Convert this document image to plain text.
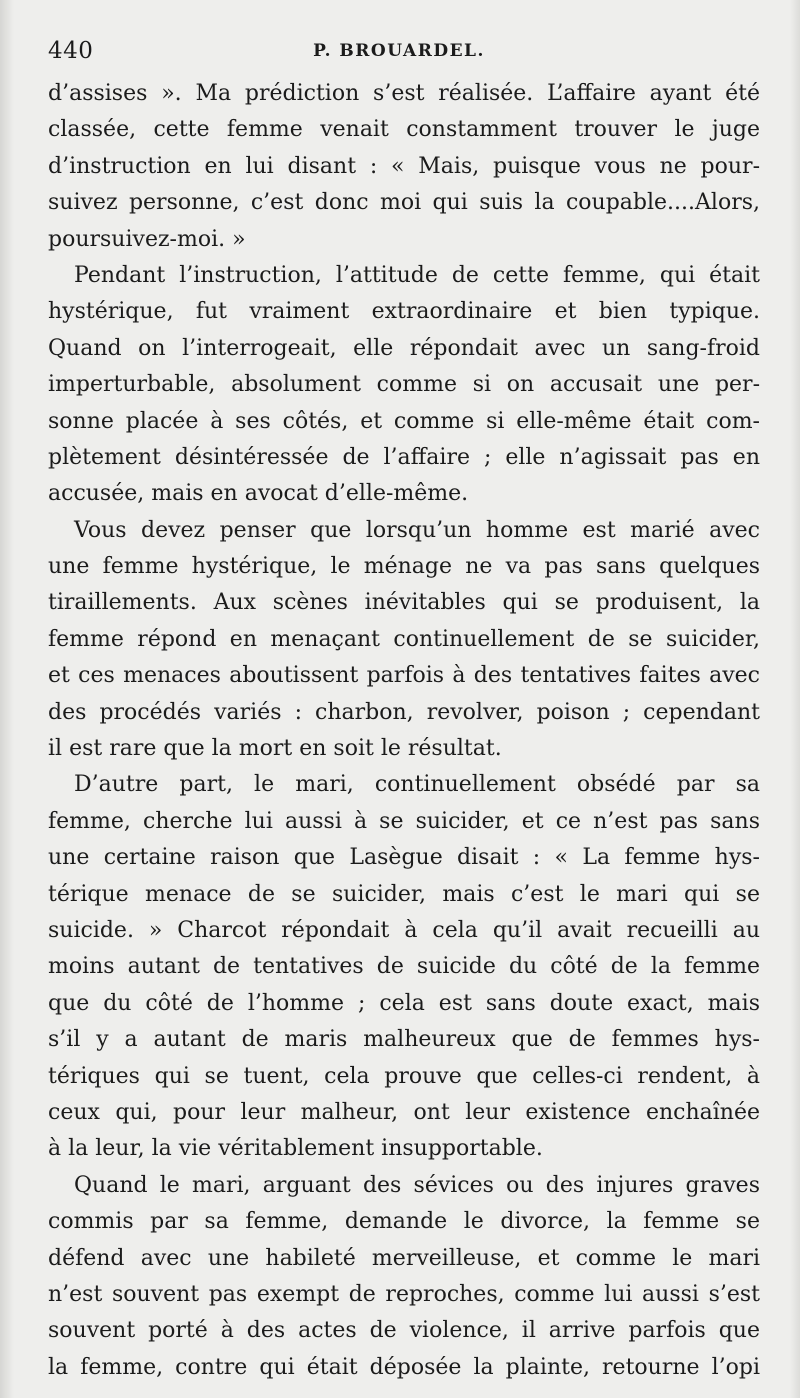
440	P. BROUARDEL.
d’assises ». Ma prédiction s’est réalisée. L’affaire ayant été
classée, cette femme venait constamment trouver le juge
d’instruction en lui disant : « Mais, puisque vous ne pour-
suivez personne, c’est donc moi qui suis la coupable....Alors,
poursuivez-moi. »
Pendant l’instruction, l’attitude de cette femme, qui était
hystérique, fut vraiment extraordinaire et bien typique.
Quand on l’interrogeait, elle répondait avec un sang-froid
imperturbable, absolument comme si on accusait une per-
sonne placée à ses côtés, et comme si elle-même était com-
plètement désintéressée de l’affaire ; elle n’agissait pas en
accusée, mais en avocat d’elle-même.
Vous devez penser que lorsqu’un homme est marié avec
une femme hystérique, le ménage ne va pas sans quelques
tiraillements. Aux scènes inévitables qui se produisent, la
femme répond en menaçant continuellement de se suicider,
et ces menaces aboutissent parfois à des tentatives faites avec
des procédés variés : charbon, revolver, poison ; cependant
il est rare que la mort en soit le résultat.
D’autre part, le mari, continuellement obsédé par sa
femme, cherche lui aussi à se suicider, et ce n’est pas sans
une certaine raison que Lasègue disait : « La femme hys-
térique menace de se suicider, mais c’est le mari qui se
suicide. » Charcot répondait à cela qu’il avait recueilli au
moins autant de tentatives de suicide du côté de la femme
que du côté de l’homme ; cela est sans doute exact, mais
s’il y a autant de maris malheureux que de femmes hys-
tériques qui se tuent, cela prouve que celles-ci rendent, à
ceux qui, pour leur malheur, ont leur existence enchaînée
à la leur, la vie véritablement insupportable.
Quand le mari, arguant des sévices ou des injures graves
commis par sa femme, demande le divorce, la femme se
défend avec une habileté merveilleuse, et comme le mari
n’est souvent pas exempt de reproches, comme lui aussi s’est
souvent porté à des actes de violence, il arrive parfois que
la femme, contre qui était déposée la plainte, retourne l’opi
